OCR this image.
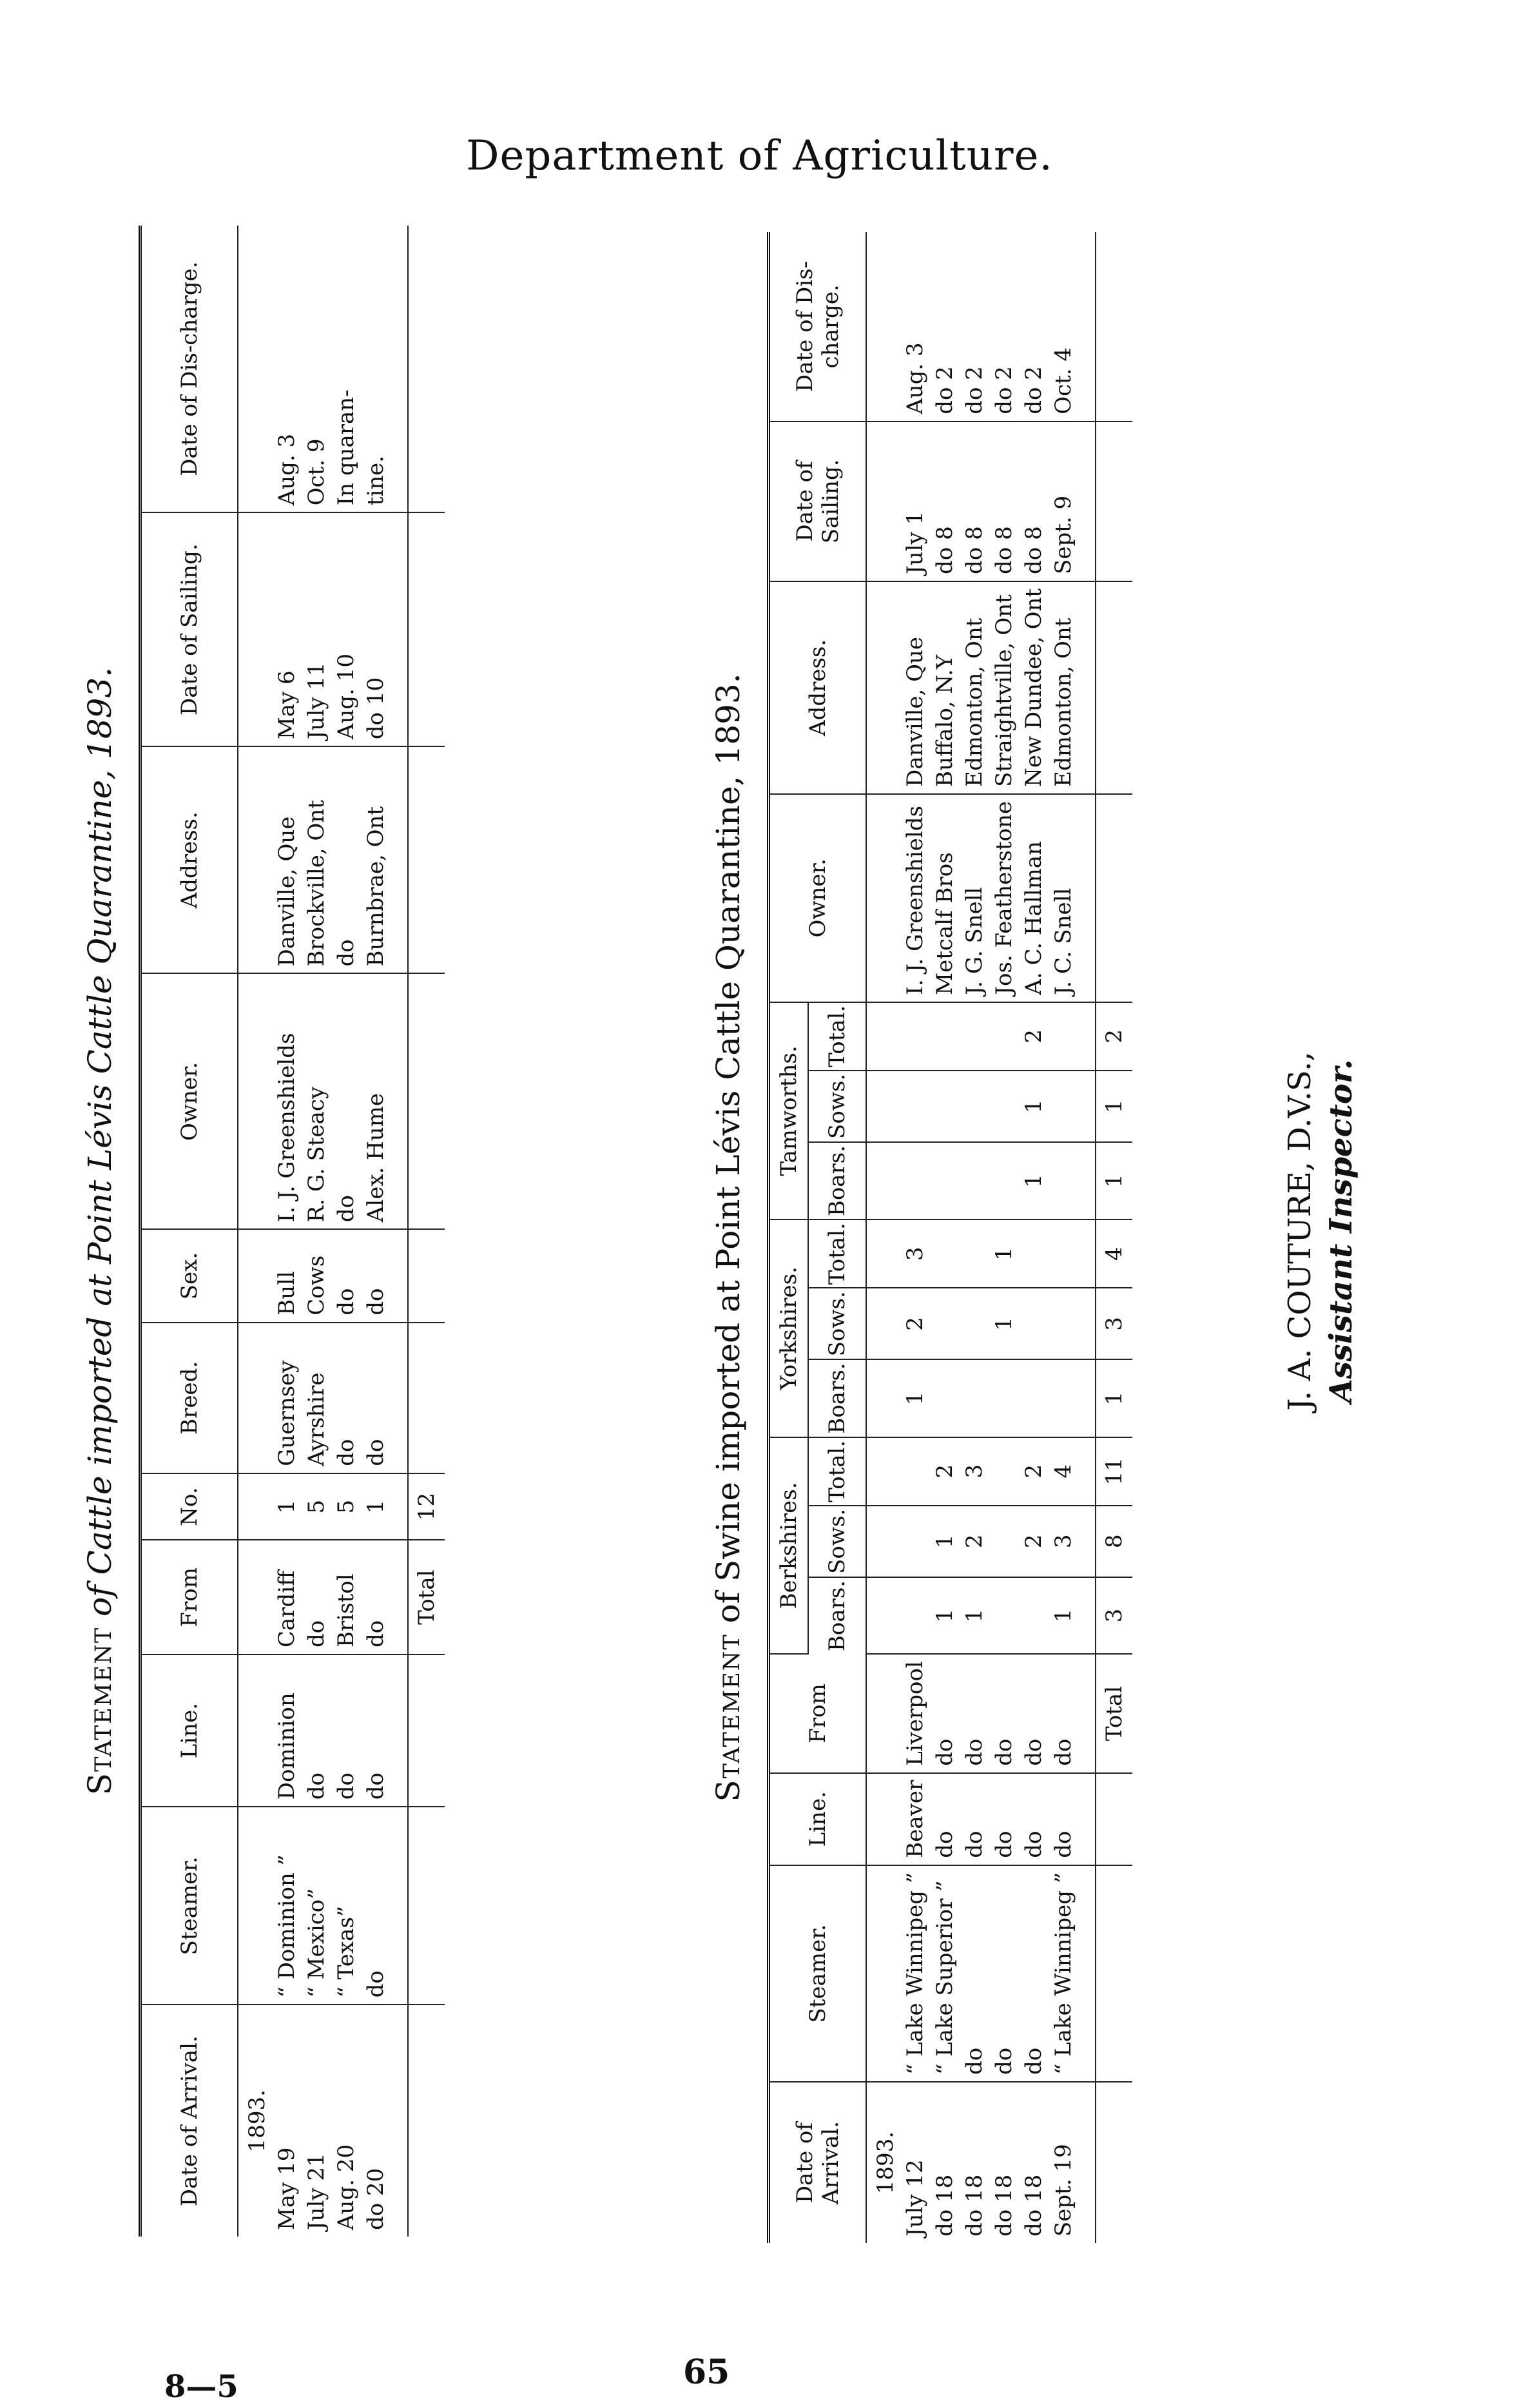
Department of Agriculture.
Statement of Cattle imported at Point Lévis Cattle Quarantine, 1893.
Date of Arrival.	Steamer.	Line.	From	No.	Breed.	Sex.	Owner.	Address.	Date of Sailing.	Date of Dis-charge.
1893.										
May 19	“ Dominion ”	Dominion	Cardiff	1	Guernsey	Bull	I. J. Greenshields	Danville, Que	May 6	Aug. 3
July 21	“ Mexico”	do	do	5	Ayrshire	Cows	R. G. Steacy	Brockville, Ont	July 11	Oct. 9
Aug. 20	“ Texas”	do	Bristol	5	do	do	do	do	Aug. 10	In quaran-
do 20	do	do	do	1	do	do	Alex. Hume	Burnbrae, Ont	do 10	tine.
			Total	12						
Statement of Swine imported at Point Lévis Cattle Quarantine, 1893.
Date of Arrival.	Steamer.	Line.	From	Berkshires.			Yorkshires.			Tamworths.			Owner.	Address.	Date of Sailing.	Date of Dis-charge.
				Boars.	Sows.	Total.	Boars.	Sows.	Total.	Boars.	Sows.	Total.				
1893.																
July 12	“ Lake Winnipeg ”	Beaver	Liverpool				1	2	3				I. J. Greenshields	Danville, Que	July 1	Aug. 3
do 18	“ Lake Superior ”	do	do	1	1	2							Metcalf Bros	Buffalo, N.Y	do 8	do 2
do 18	do	do	do	1	2	3							J. G. Snell	Edmonton, Ont	do 8	do 2
do 18	do	do	do					1	1				Jos. Featherstone	Straightville, Ont	do 8	do 2
do 18	do	do	do		2	2				1	1	2	A. C. Hallman	New Dundee, Ont	do 8	do 2
Sept. 19	“ Lake Winnipeg ”	do	do	1	3	4							J. C. Snell	Edmonton, Ont	Sept. 9	Oct. 4
			Total	3	8	11	1	3	4	1	1	2				
J. A. COUTURE, D.V.S., Assistant Inspector.
65
8—5
